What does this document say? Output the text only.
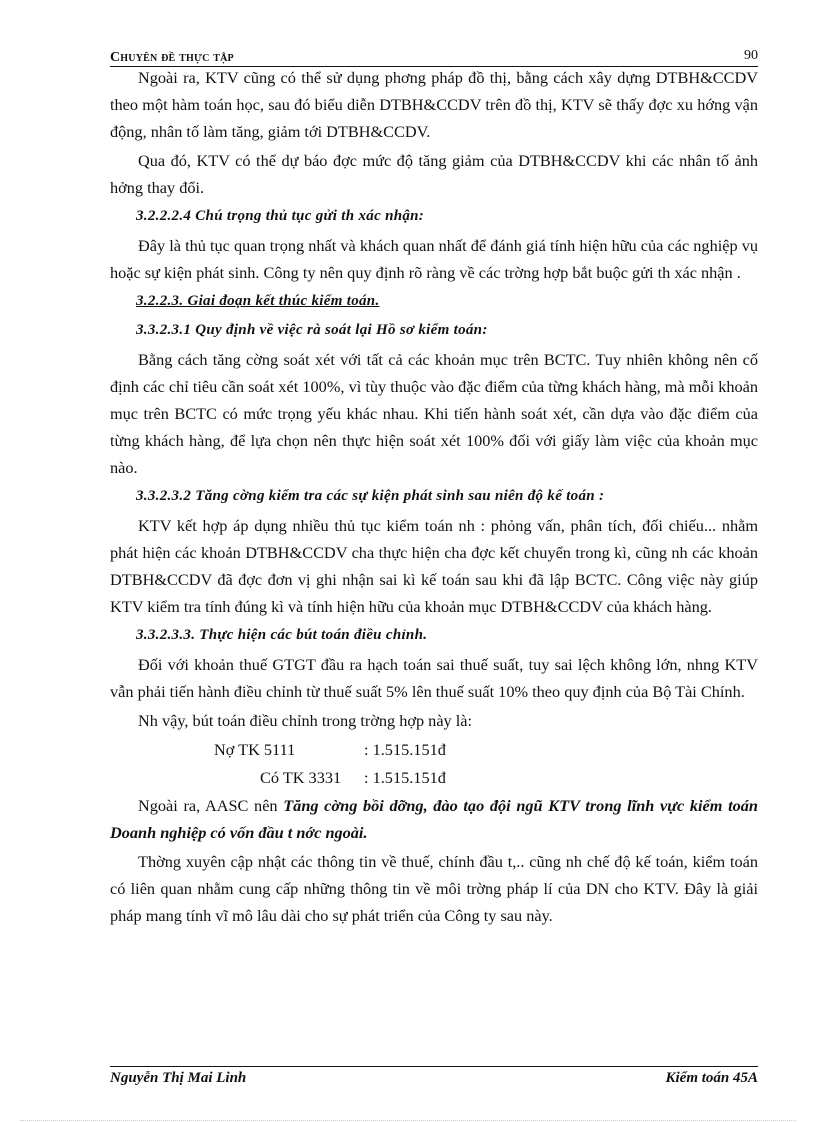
Chuyên đề thực tập	90

Ngoài ra, KTV cũng có thể sử dụng phơng pháp đồ thị, bằng cách xây dựng DTBH&CCDV theo một hàm toán học, sau đó biểu diễn DTBH&CCDV trên đồ thị, KTV sẽ thấy đợc xu hớng vận động, nhân tố làm tăng, giảm tới DTBH&CCDV.

Qua đó, KTV có thể dự báo đợc mức độ tăng giảm của DTBH&CCDV khi các nhân tố ảnh hởng thay đổi.

3.2.2.2.4 Chú trọng thủ tục gửi th xác nhận:

Đây là thủ tục quan trọng nhất và khách quan nhất để đánh giá tính hiện hữu của các nghiệp vụ hoặc sự kiện phát sinh. Công ty nên quy định rõ ràng về các trờng hợp bắt buộc gửi th xác nhận .

3.2.2.3. Giai đoạn kết thúc kiểm toán.

3.3.2.3.1 Quy định về việc rà soát lại Hồ sơ kiểm toán:

Bằng cách tăng cờng soát xét với tất cả các khoản mục trên BCTC. Tuy nhiên không nên cố định các chỉ tiêu cần soát xét 100%, vì tùy thuộc vào đặc điểm của từng khách hàng, mà mỗi khoản mục trên BCTC có mức trọng yếu khác nhau. Khi tiến hành soát xét, cần dựa vào đặc điểm của từng khách hàng, để lựa chọn nên thực hiện soát xét 100% đối với giấy làm việc của khoản mục nào.

3.3.2.3.2 Tăng cờng kiểm tra các sự kiện phát sinh sau niên độ kế toán :

KTV kết hợp áp dụng nhiều thủ tục kiểm toán nh : phỏng vấn, phân tích, đối chiếu... nhằm phát hiện các khoản DTBH&CCDV cha thực hiện cha đợc kết chuyển trong kì, cũng nh các khoản DTBH&CCDV đã đợc đơn vị ghi nhận sai kì kế toán sau khi đã lập BCTC. Công việc này giúp KTV kiểm tra tính đúng kì và tính hiện hữu của khoản mục DTBH&CCDV của khách hàng.

3.3.2.3.3. Thực hiện các bút toán điều chỉnh.

Đối với khoản thuế GTGT đầu ra hạch toán sai thuế suất, tuy sai lệch không lớn, nhng KTV vẫn phải tiến hành điều chỉnh từ thuế suất 5% lên thuế suất 10% theo quy định của Bộ Tài Chính.

Nh vậy, bút toán điều chỉnh trong trờng hợp này là:

Nợ TK 5111	: 1.515.151đ
Có TK 3331	: 1.515.151đ

Ngoài ra, AASC nên Tăng cờng bồi dỡng, đào tạo đội ngũ KTV trong lĩnh vực kiểm toán Doanh nghiệp có vốn đầu t nớc ngoài.

Thờng xuyên cập nhật các thông tin về thuế, chính đầu t,.. cũng nh chế độ kế toán, kiểm toán có liên quan nhằm cung cấp những thông tin về môi trờng pháp lí của DN cho KTV. Đây là giải pháp mang tính vĩ mô lâu dài cho sự phát triển của Công ty sau này.

Nguyễn Thị Mai Linh	Kiểm toán 45A
